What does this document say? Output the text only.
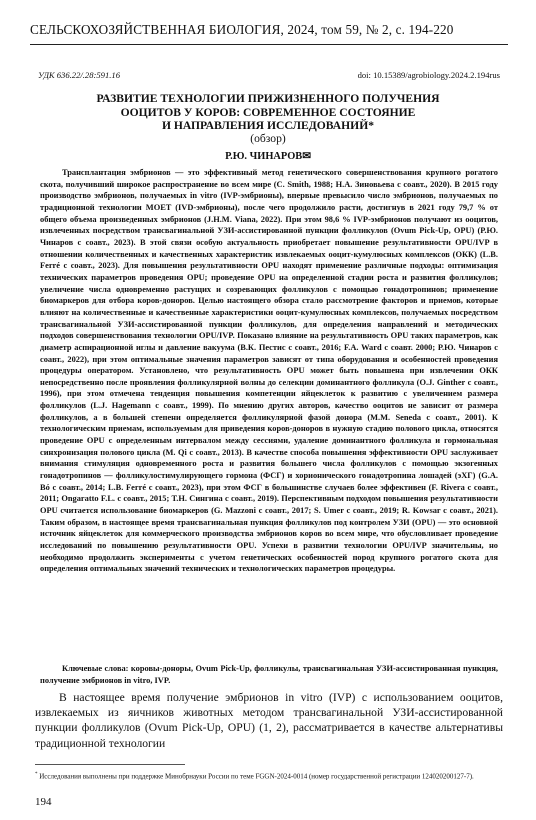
СЕЛЬСКОХОЗЯЙСТВЕННАЯ БИОЛОГИЯ, 2024, том 59, № 2, с. 194-220
УДК 636.22/.28:591.16	doi: 10.15389/agrobiology.2024.2.194rus
РАЗВИТИЕ ТЕХНОЛОГИИ ПРИЖИЗНЕННОГО ПОЛУЧЕНИЯ
ООЦИТОВ У КОРОВ: СОВРЕМЕННОЕ СОСТОЯНИЕ
И НАПРАВЛЕНИЯ ИССЛЕДОВАНИЙ*
(обзор)
Р.Ю. ЧИНАРОВ✉

Трансплантация эмбрионов — это эффективный метод генетического совершенствования крупного рогатого скота, получивший широкое распространение во всем мире (C. Smith, 1988; Н.А. Зиновьева с соавт., 2020). В 2015 году производство эмбрионов, получаемых in vitro (IVP-эмбрионы), впервые превысило число эмбрионов, получаемых по традиционной технологии MOET (IVD-эмбрионы), после чего продолжило расти, достигнув в 2021 году 79,7 % от общего объема произведенных эмбрионов (J.H.M. Viana, 2022). При этом 98,6 % IVP-эмбрионов получают из ооцитов, извлеченных посредством трансвагинальной УЗИ-ассистированной пункции фолликулов (Ovum Pick-Up, OPU) (Р.Ю. Чинаров с соавт., 2023). В этой связи особую актуальность приобретает повышение результативности OPU/IVP в отношении количественных и качественных характеристик извлекаемых ооцит-кумулюсных комплексов (ОКК) (L.B. Ferré с соавт., 2023). Для повышения результативности OPU находят применение различные подходы: оптимизация технических параметров проведения OPU; проведение OPU на определенной стадии роста и развития фолликулов; увеличение числа одновременно растущих и созревающих фолликулов с помощью гонадотропинов; применение биомаркеров для отбора коров-доноров. Целью настоящего обзора стало рассмотрение факторов и приемов, которые влияют на количественные и качественные характеристики ооцит-кумулюсных комплексов, получаемых посредством трансвагинальной УЗИ-ассистированной пункции фолликулов, для определения направлений и методических подходов совершенствования технологии OPU/IVP. Показано влияние на результативность OPU таких параметров, как диаметр аспирационной иглы и давление вакуума (В.К. Пестис с соавт., 2016; F.A. Ward с соавт. 2000; Р.Ю. Чинаров с соавт., 2022), при этом оптимальные значения параметров зависят от типа оборудования и особенностей проведения процедуры оператором. Установлено, что результативность OPU может быть повышена при извлечении ОКК непосредственно после проявления фолликулярной волны до селекции доминантного фолликула (O.J. Ginther с соавт., 1996), при этом отмечена тенденция повышения компетенции яйцеклеток к развитию с увеличением размера фолликулов (L.J. Hagemann с соавт., 1999). По мнению других авторов, качество ооцитов не зависит от размера фолликулов, а в большей степени определяется фолликулярной фазой донора (M.M. Seneda с соавт., 2001). К технологическим приемам, используемым для приведения коров-доноров в нужную стадию полового цикла, относятся проведение OPU с определенным интервалом между сессиями, удаление доминантного фолликула и гормональная синхронизация полового цикла (M. Qi с соавт., 2013). В качестве способа повышения эффективности OPU заслуживает внимания стимуляция одновременного роста и развития большего числа фолликулов с помощью экзогенных гонадотропинов — фолликулостимулирующего гормона (ФСГ) и хорионического гонадотропина лошадей (эХГ) (G.A. Bó с соавт., 2014; L.B. Ferré с соавт., 2023), при этом ФСГ в большинстве случаев более эффективен (F. Rivera с соавт., 2011; Ongaratto F.L. с соавт., 2015; Т.Н. Сингина с соавт., 2019). Перспективным подходом повышения результативности OPU считается использование биомаркеров (G. Mazzoni с соавт., 2017; S. Umer с соавт., 2019; R. Kowsar с соавт., 2021). Таким образом, в настоящее время трансвагинальная пункция фолликулов под контролем УЗИ (OPU) — это основной источник яйцеклеток для коммерческого производства эмбрионов коров во всем мире, что обусловливает проведение исследований по повышению результативности OPU. Успехи в развитии технологии OPU/IVP значительны, но необходимо продолжить эксперименты с учетом генетических особенностей пород крупного рогатого скота для определения оптимальных значений технических и технологических параметров процедуры.

Ключевые слова: коровы-доноры, Ovum Pick-Up, фолликулы, трансвагинальная УЗИ-ассистированная пункция, получение эмбрионов in vitro, IVP.

В настоящее время получение эмбрионов in vitro (IVP) с использованием ооцитов, извлекаемых из яичников животных методом трансвагинальной УЗИ-ассистированной пункции фолликулов (Ovum Pick-Up, OPU) (1, 2), рассматривается в качестве альтернативы традиционной технологии

* Исследования выполнены при поддержке Минобрнауки России по теме FGGN-2024-0014 (номер государственной регистрации 124020200127-7).

194
